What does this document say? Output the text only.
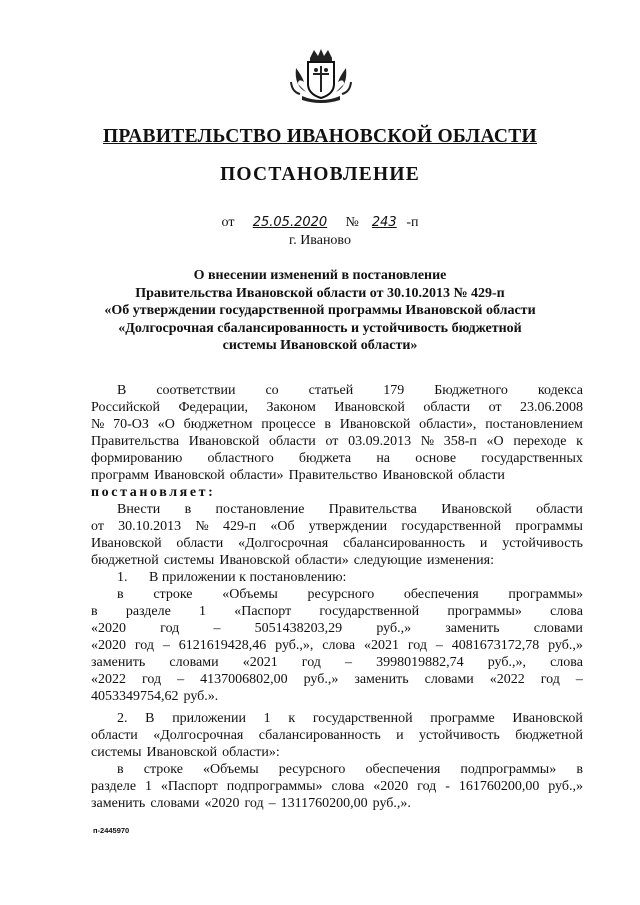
ПРАВИТЕЛЬСТВО ИВАНОВСКОЙ ОБЛАСТИ
ПОСТАНОВЛЕНИЕ
от 25.05.2020 № 243 -п
г. Иваново
О внесении изменений в постановление
Правительства Ивановской области от 30.10.2013 № 429-п
«Об утверждении государственной программы Ивановской области
«Долгосрочная сбалансированность и устойчивость бюджетной
системы Ивановской области»
В соответствии со статьей 179 Бюджетного кодекса
Российской Федерации, Законом Ивановской области от 23.06.2008
№ 70-ОЗ «О бюджетном процессе в Ивановской области», постановлением
Правительства Ивановской области от 03.09.2013 № 358-п «О переходе к
формированию областного бюджета на основе государственных
программ Ивановской области» Правительство Ивановской области
постановляет:
Внести в постановление Правительства Ивановской области
от 30.10.2013 № 429-п «Об утверждении государственной программы
Ивановской области «Долгосрочная сбалансированность и устойчивость
бюджетной системы Ивановской области» следующие изменения:
1. В приложении к постановлению:
в строке «Объемы ресурсного обеспечения программы»
в разделе 1 «Паспорт государственной программы» слова
«2020 год – 5051438203,29 руб.,» заменить словами
«2020 год – 6121619428,46 руб.,», слова «2021 год – 4081673172,78 руб.,»
заменить словами «2021 год – 3998019882,74 руб.,», слова
«2022 год – 4137006802,00 руб.,» заменить словами «2022 год –
4053349754,62 руб.».
2. В приложении 1 к государственной программе Ивановской
области «Долгосрочная сбалансированность и устойчивость бюджетной
системы Ивановской области»:
в строке «Объемы ресурсного обеспечения подпрограммы» в
разделе 1 «Паспорт подпрограммы» слова «2020 год - 161760200,00 руб.,»
заменить словами «2020 год – 1311760200,00 руб.,».
п-2445970
